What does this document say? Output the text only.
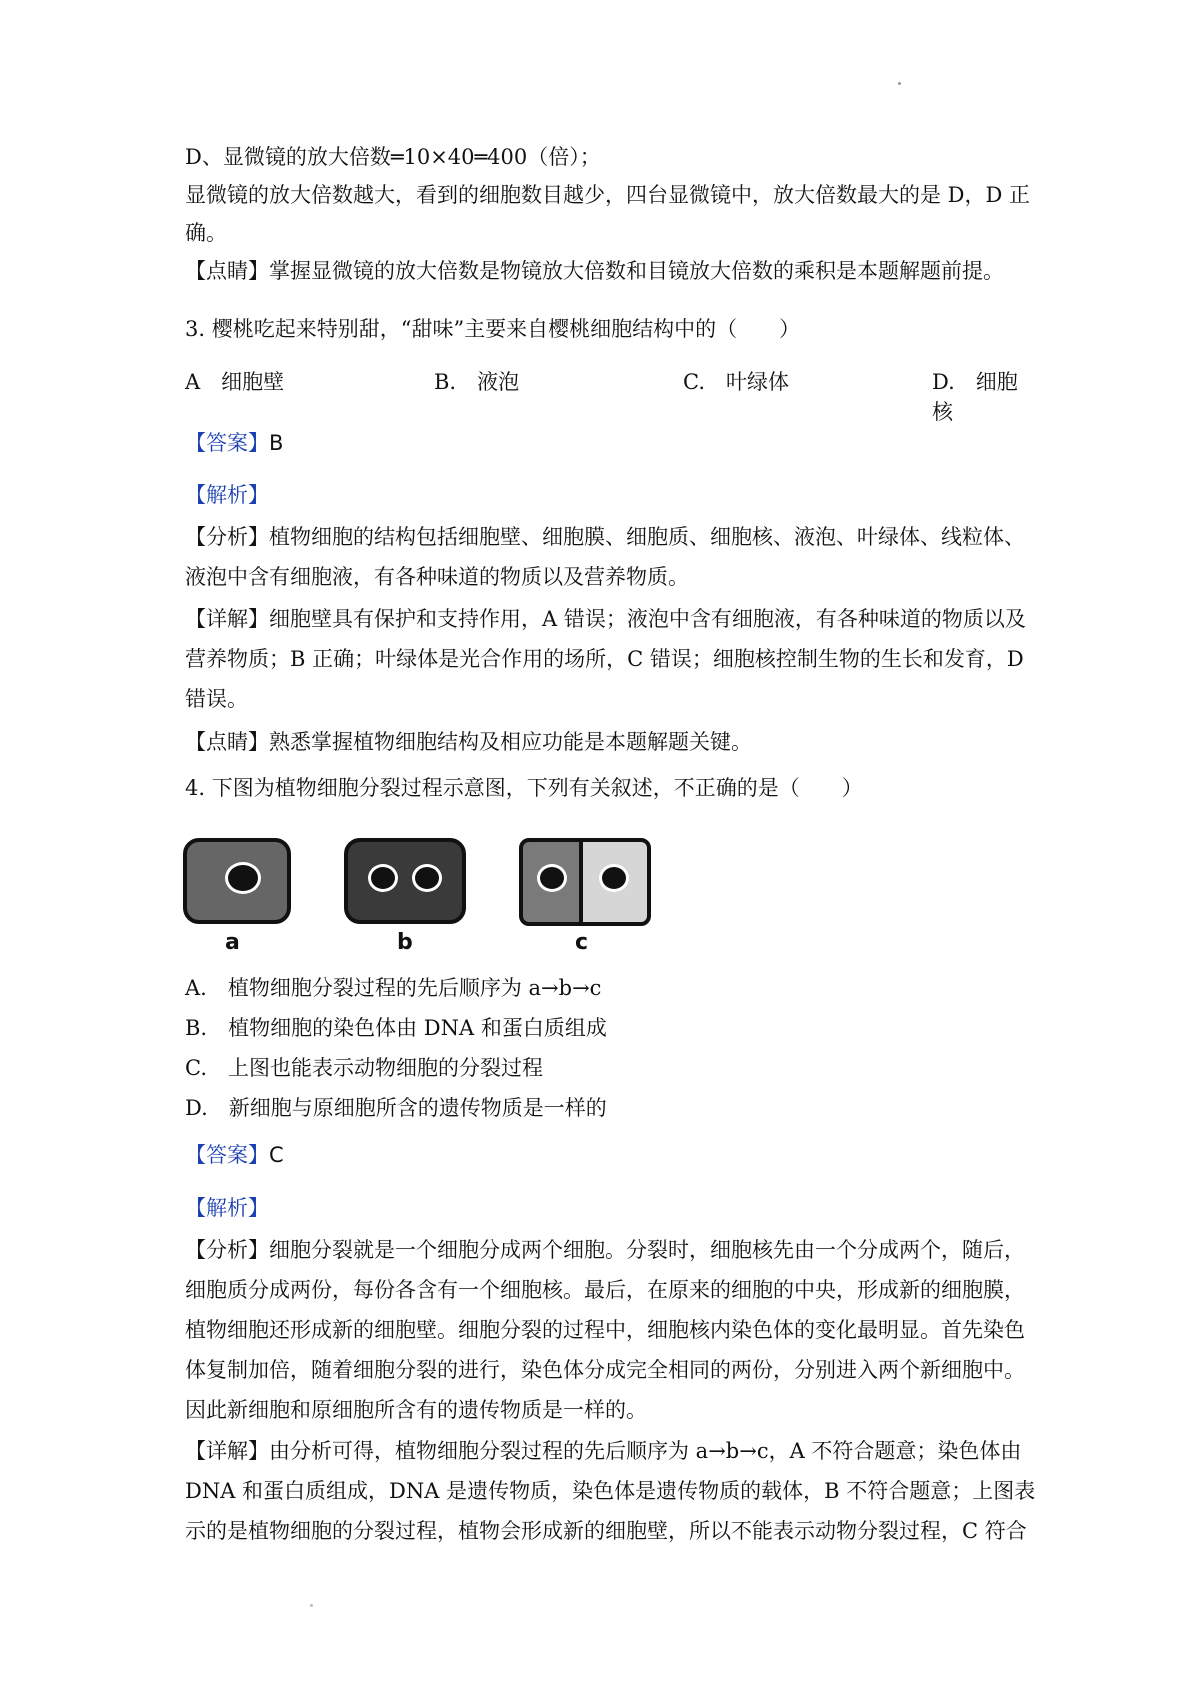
D、显微镜的放大倍数═10×40═400（倍）；
显微镜的放大倍数越大，看到的细胞数目越少，四台显微镜中，放大倍数最大的是 D，D 正
确。
【点睛】掌握显微镜的放大倍数是物镜放大倍数和目镜放大倍数的乘积是本题解题前提。
3. 樱桃吃起来特别甜，“甜味”主要来自樱桃细胞结构中的（　　）
A　细胞壁	B.　液泡	C.　叶绿体	D.　细胞核
【答案】B
【解析】
【分析】植物细胞的结构包括细胞壁、细胞膜、细胞质、细胞核、液泡、叶绿体、线粒体、
液泡中含有细胞液，有各种味道的物质以及营养物质。
【详解】细胞壁具有保护和支持作用，A 错误；液泡中含有细胞液，有各种味道的物质以及
营养物质；B 正确；叶绿体是光合作用的场所，C 错误；细胞核控制生物的生长和发育，D
错误。
【点睛】熟悉掌握植物细胞结构及相应功能是本题解题关键。
4. 下图为植物细胞分裂过程示意图，下列有关叙述，不正确的是（　　）
a	b	c
A.　植物细胞分裂过程的先后顺序为 a→b→c
B.　植物细胞的染色体由 DNA 和蛋白质组成
C.　上图也能表示动物细胞的分裂过程
D.　新细胞与原细胞所含的遗传物质是一样的
【答案】C
【解析】
【分析】细胞分裂就是一个细胞分成两个细胞。分裂时，细胞核先由一个分成两个，随后，
细胞质分成两份，每份各含有一个细胞核。最后，在原来的细胞的中央，形成新的细胞膜，
植物细胞还形成新的细胞壁。细胞分裂的过程中，细胞核内染色体的变化最明显。首先染色
体复制加倍，随着细胞分裂的进行，染色体分成完全相同的两份，分别进入两个新细胞中。
因此新细胞和原细胞所含有的遗传物质是一样的。
【详解】由分析可得，植物细胞分裂过程的先后顺序为 a→b→c，A 不符合题意；染色体由
DNA 和蛋白质组成，DNA 是遗传物质，染色体是遗传物质的载体，B 不符合题意；上图表
示的是植物细胞的分裂过程，植物会形成新的细胞壁，所以不能表示动物分裂过程，C 符合
